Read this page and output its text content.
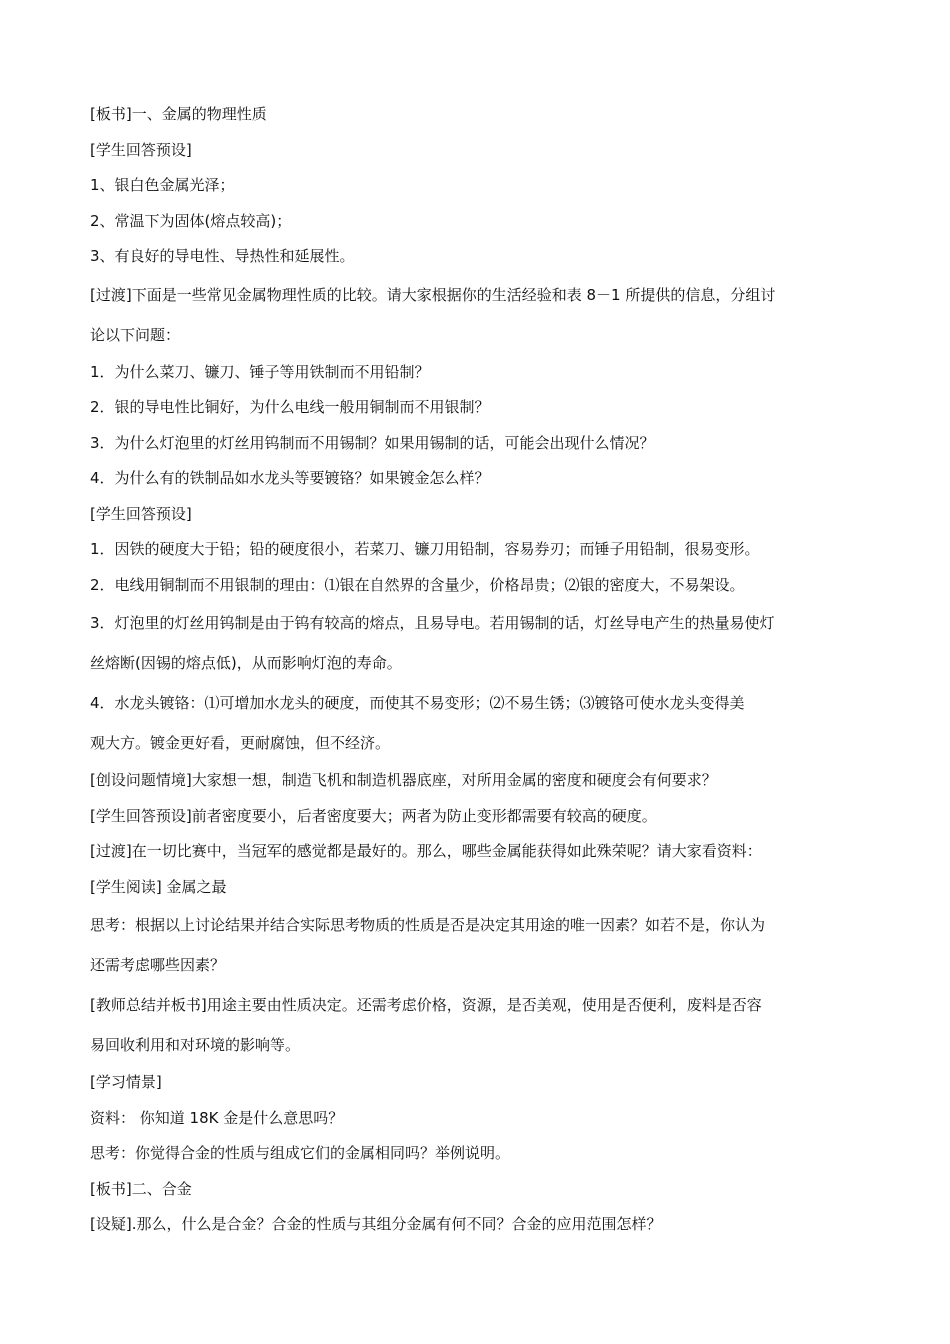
[板书]一、金属的物理性质
[学生回答预设]
1、银白色金属光泽；
2、常温下为固体(熔点较高)；
3、有良好的导电性、导热性和延展性。
[过渡]下面是一些常见金属物理性质的比较。请大家根据你的生活经验和表 8－1 所提供的信息，分组讨
论以下问题：
1．为什么菜刀、镰刀、锤子等用铁制而不用铅制？
2．银的导电性比铜好，为什么电线一般用铜制而不用银制？
3．为什么灯泡里的灯丝用钨制而不用锡制？如果用锡制的话，可能会出现什么情况？
4．为什么有的铁制品如水龙头等要镀铬？如果镀金怎么样？
[学生回答预设]
1．因铁的硬度大于铅；铅的硬度很小，若菜刀、镰刀用铅制，容易券刃；而锤子用铅制，很易变形。
2．电线用铜制而不用银制的理由：⑴银在自然界的含量少，价格昂贵；⑵银的密度大，不易架设。
3．灯泡里的灯丝用钨制是由于钨有较高的熔点，且易导电。若用锡制的话，灯丝导电产生的热量易使灯
丝熔断(因锡的熔点低)，从而影响灯泡的寿命。
4．水龙头镀铬：⑴可增加水龙头的硬度，而使其不易变形；⑵不易生锈；⑶镀铬可使水龙头变得美
观大方。镀金更好看，更耐腐蚀，但不经济。
[创设问题情境]大家想一想，制造飞机和制造机器底座，对所用金属的密度和硬度会有何要求？
[学生回答预设]前者密度要小，后者密度要大；两者为防止变形都需要有较高的硬度。
[过渡]在一切比赛中，当冠军的感觉都是最好的。那么，哪些金属能获得如此殊荣呢？请大家看资料：
[学生阅读] 金属之最
思考：根据以上讨论结果并结合实际思考物质的性质是否是决定其用途的唯一因素？如若不是，你认为
还需考虑哪些因素？
[教师总结并板书]用途主要由性质决定。还需考虑价格，资源，是否美观，使用是否便利，废料是否容
易回收利用和对环境的影响等。
[学习情景]
资料： 你知道 18K 金是什么意思吗？
思考：你觉得合金的性质与组成它们的金属相同吗？举例说明。
[板书]二、合金
[设疑].那么，什么是合金？合金的性质与其组分金属有何不同？合金的应用范围怎样？
